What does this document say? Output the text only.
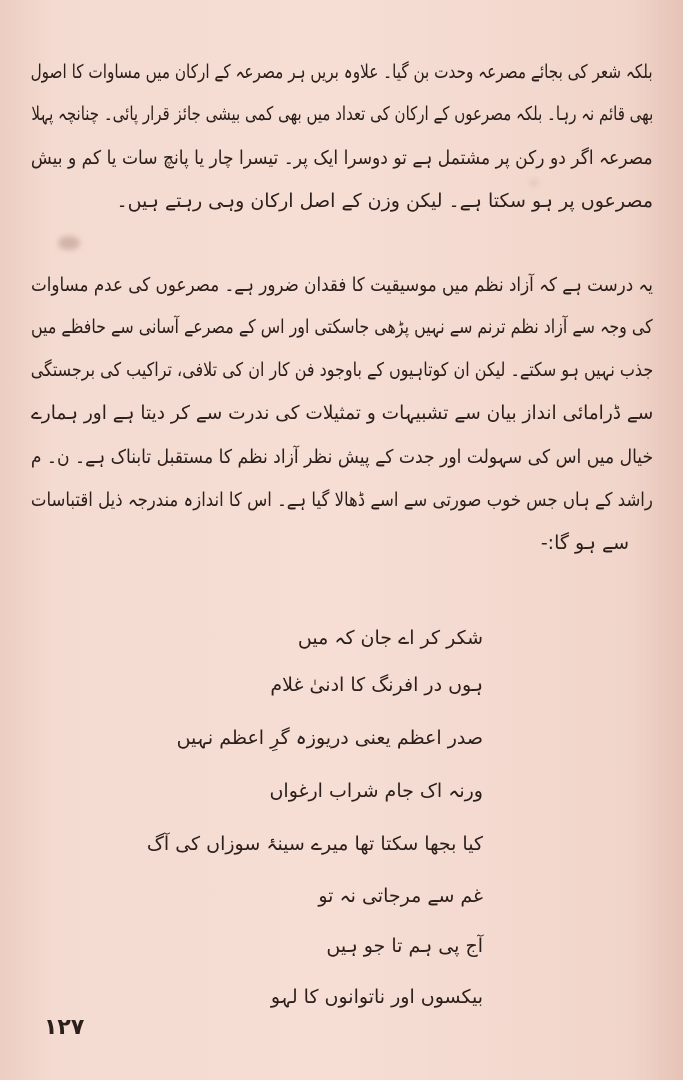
بلکہ شعر کی بجائے مصرعہ وحدت بن گیا۔ علاوہ بریں ہر مصرعہ کے ارکان میں مساوات کا اصول
بھی قائم نہ رہا۔ بلکہ مصرعوں کے ارکان کی تعداد میں بھی کمی بیشی جائز قرار پائی۔ چنانچہ پہلا
مصرعہ اگر دو رکن پر مشتمل ہے تو دوسرا ایک پر۔ تیسرا چار یا پانچ سات یا کم و بیش
مصرعوں پر ہو سکتا ہے۔ لیکن وزن کے اصل ارکان وہی رہتے ہیں۔
یہ درست ہے کہ آزاد نظم میں موسیقیت کا فقدان ضرور ہے۔ مصرعوں کی عدم مساوات
کی وجہ سے آزاد نظم ترنم سے نہیں پڑھی جاسکتی اور اس کے مصرعے آسانی سے حافظے میں
جذب نہیں ہو سکتے۔ لیکن ان کوتاہیوں کے باوجود فن کار ان کی تلافی، تراکیب کی برجستگی
سے ڈرامائی انداز بیان سے تشبیہات و تمثیلات کی ندرت سے کر دیتا ہے اور ہمارے
خیال میں اس کی سہولت اور جدت کے پیش نظر آزاد نظم کا مستقبل تابناک ہے۔ ن۔ م
راشد کے ہاں جس خوب صورتی سے اسے ڈھالا گیا ہے۔ اس کا اندازہ مندرجہ ذیل اقتباسات
سے ہو گا:-
شکر کر اے جان کہ میں
ہوں در افرنگ کا ادنیٰ غلام
صدر اعظم یعنی دریوزہ گرِ اعظم نہیں
ورنہ اک جام شراب ارغواں
کیا بجھا سکتا تھا میرے سینۂ سوزاں کی آگ
غم سے مرجاتی نہ تو
آج پی ہم تا جو ہیں
بیکسوں اور ناتوانوں کا لہو
۱۲۷
